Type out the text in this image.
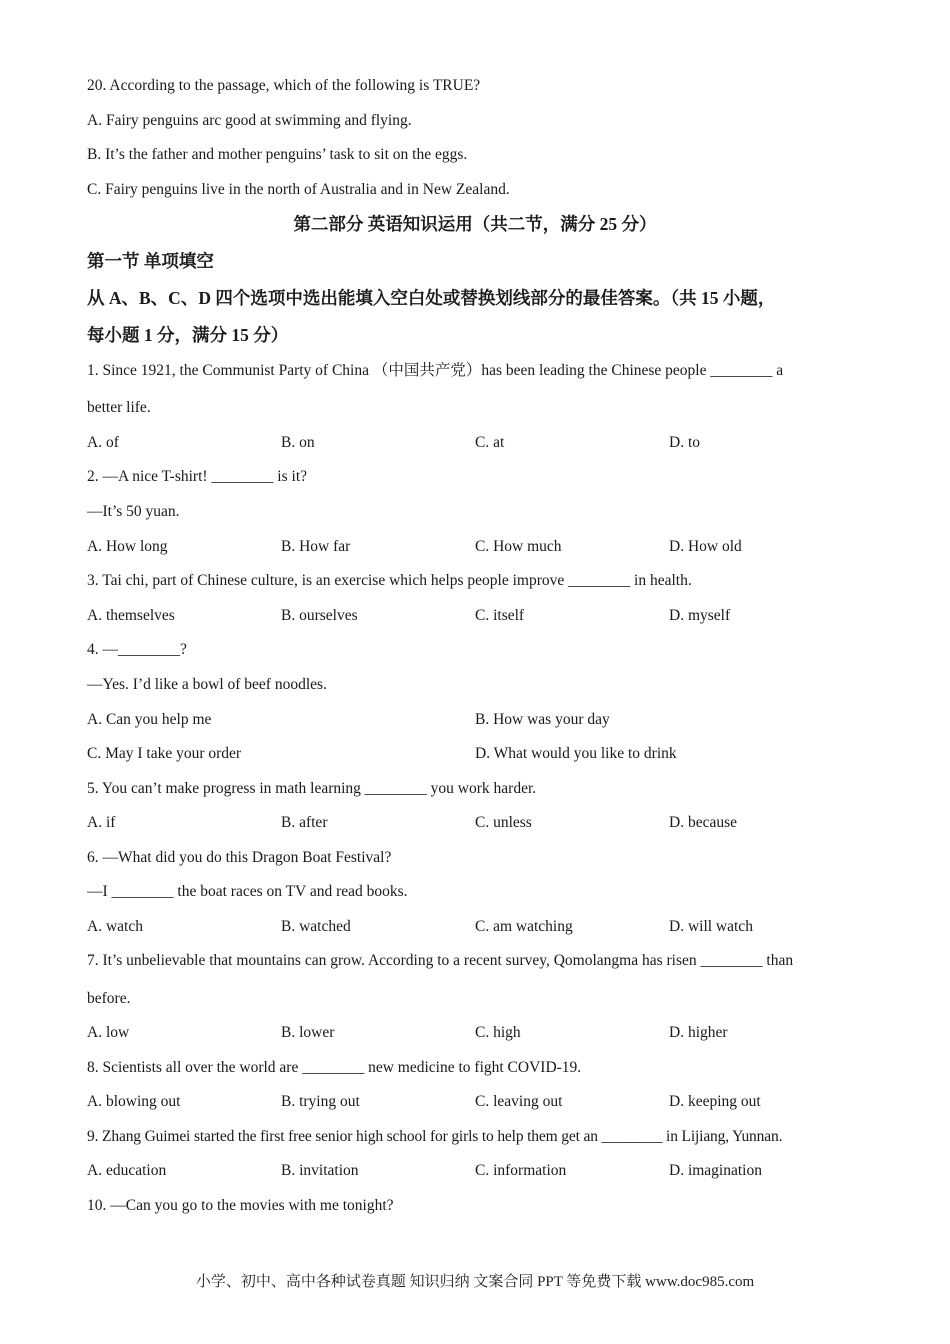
20. According to the passage, which of the following is TRUE?
A. Fairy penguins arc good at swimming and flying.
B. It’s the father and mother penguins’ task to sit on the eggs.
C. Fairy penguins live in the north of Australia and in New Zealand.
第二部分 英语知识运用（共二节，满分 25 分）
第一节 单项填空
从 A、B、C、D 四个选项中选出能填入空白处或替换划线部分的最佳答案。（共 15 小题，
每小题 1 分，满分 15 分）
1. Since 1921, the Communist Party of China （中国共产党）has been leading the Chinese people ________ a
better life.
A. of	B. on	C. at	D. to
2. —A nice T-shirt! ________ is it?
—It’s 50 yuan.
A. How long	B. How far	C. How much	D. How old
3. Tai chi, part of Chinese culture, is an exercise which helps people improve ________ in health.
A. themselves	B. ourselves	C. itself	D. myself
4. —________?
—Yes. I’d like a bowl of beef noodles.
A. Can you help me	B. How was your day
C. May I take your order	D. What would you like to drink
5. You can’t make progress in math learning ________ you work harder.
A. if	B. after	C. unless	D. because
6. —What did you do this Dragon Boat Festival?
—I ________ the boat races on TV and read books.
A. watch	B. watched	C. am watching	D. will watch
7. It’s unbelievable that mountains can grow. According to a recent survey, Qomolangma has risen ________ than
before.
A. low	B. lower	C. high	D. higher
8. Scientists all over the world are ________ new medicine to fight COVID-19.
A. blowing out	B. trying out	C. leaving out	D. keeping out
9. Zhang Guimei started the first free senior high school for girls to help them get an ________ in Lijiang, Yunnan.
A. education	B. invitation	C. information	D. imagination
10. —Can you go to the movies with me tonight?
小学、初中、高中各种试卷真题 知识归纳 文案合同 PPT 等免费下载 www.doc985.com
